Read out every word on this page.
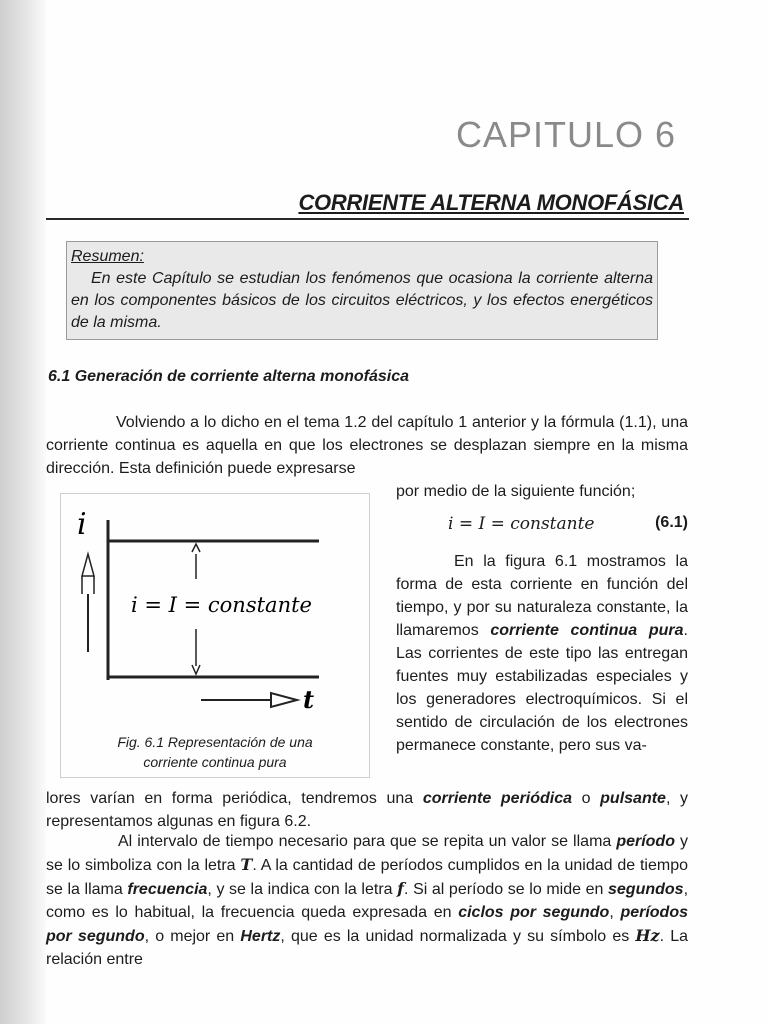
CAPITULO 6
CORRIENTE ALTERNA MONOFÁSICA
Resumen:

En este Capítulo se estudian los fenómenos que ocasiona la corriente alterna en los componentes básicos de los circuitos eléctricos, y los efectos energéticos de la misma.

6.1 Generación de corriente alterna monofásica

Volviendo a lo dicho en el tema 1.2 del capítulo 1 anterior y la fórmula (1.1), una corriente continua es aquella en que los electrones se desplazan siempre en la misma dirección. Esta definición puede expresarse

por medio de la siguiente función;

i
i = I = constante
t
Fig. 6.1 Representación de una
corriente continua pura
i = I = constante	(6.1)

En la figura 6.1 mostramos la forma de esta corriente en función del tiempo, y por su naturaleza constante, la llamaremos corriente continua pura. Las corrientes de este tipo las entregan fuentes muy estabilizadas especiales y los generadores electroquímicos. Si el sentido de circulación de los electrones permanece constante, pero sus va-

lores varían en forma periódica, tendremos una corriente periódica o pulsante, y representamos algunas en figura 6.2.

Al intervalo de tiempo necesario para que se repita un valor se llama período y se lo simboliza con la letra T. A la cantidad de períodos cumplidos en la unidad de tiempo se la llama frecuencia, y se la indica con la letra f. Si al período se lo mide en segundos, como es lo habitual, la frecuencia queda expresada en ciclos por segundo, períodos por segundo, o mejor en Hertz, que es la unidad normalizada y su símbolo es Hz. La relación entre
